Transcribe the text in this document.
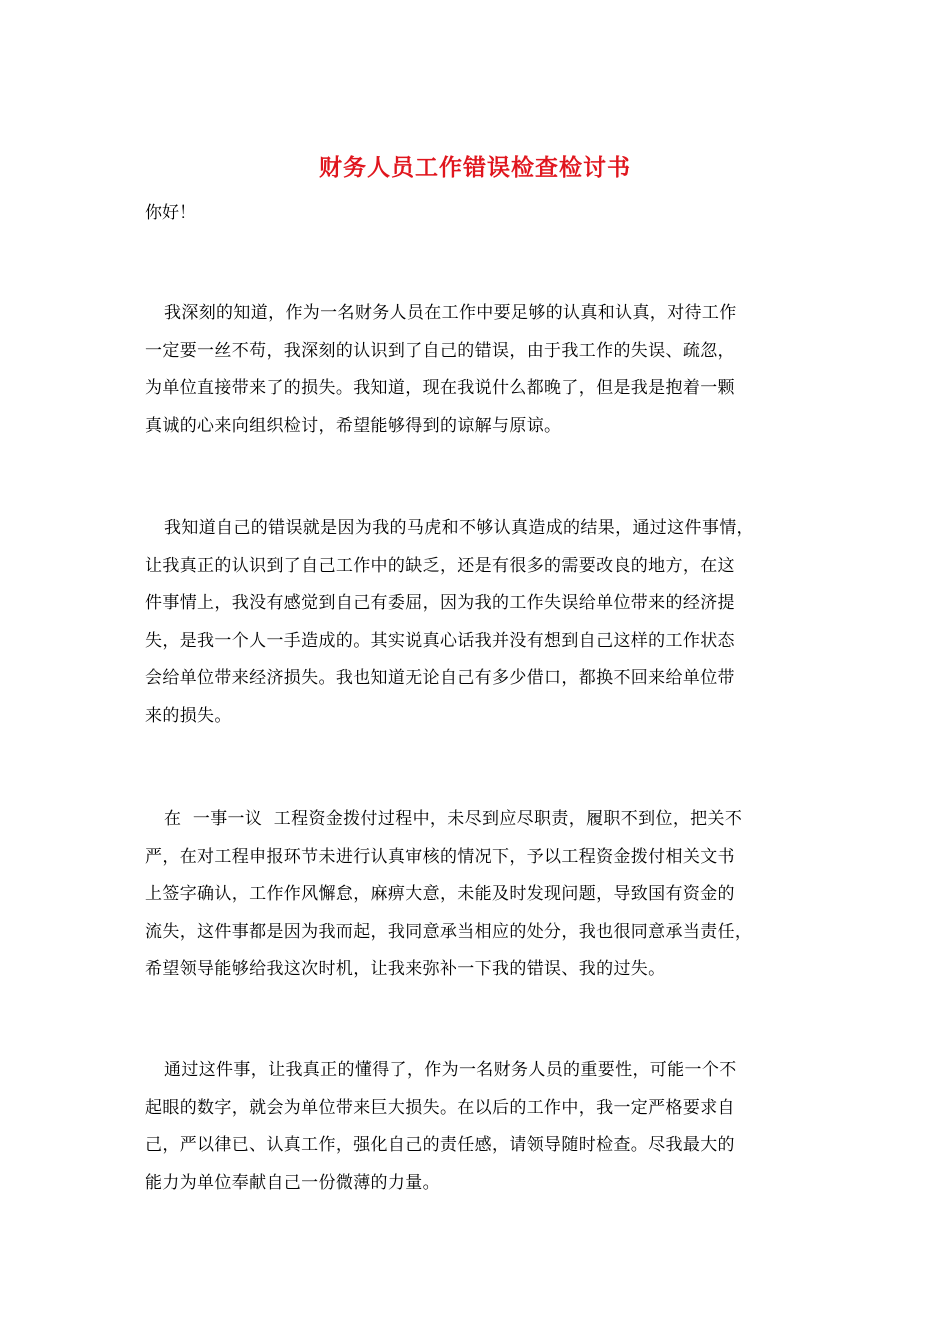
财务人员工作错误检查检讨书
你好！
我深刻的知道，作为一名财务人员在工作中要足够的认真和认真，对待工作
一定要一丝不苟，我深刻的认识到了自己的错误，由于我工作的失误、疏忽，
为单位直接带来了的损失。我知道，现在我说什么都晚了，但是我是抱着一颗
真诚的心来向组织检讨，希望能够得到的谅解与原谅。
我知道自己的错误就是因为我的马虎和不够认真造成的结果，通过这件事情，
让我真正的认识到了自己工作中的缺乏，还是有很多的需要改良的地方，在这
件事情上，我没有感觉到自己有委屈，因为我的工作失误给单位带来的经济提
失，是我一个人一手造成的。其实说真心话我并没有想到自己这样的工作状态
会给单位带来经济损失。我也知道无论自己有多少借口，都换不回来给单位带
来的损失。
在  一事一议  工程资金拨付过程中，未尽到应尽职责，履职不到位，把关不
严，在对工程申报环节未进行认真审核的情况下，予以工程资金拨付相关文书
上签字确认，工作作风懈怠，麻痹大意，未能及时发现问题，导致国有资金的
流失，这件事都是因为我而起，我同意承当相应的处分，我也很同意承当责任，
希望领导能够给我这次时机，让我来弥补一下我的错误、我的过失。
通过这件事，让我真正的懂得了，作为一名财务人员的重要性，可能一个不
起眼的数字，就会为单位带来巨大损失。在以后的工作中，我一定严格要求自
己，严以律已、认真工作，强化自己的责任感，请领导随时检查。尽我最大的
能力为单位奉献自己一份微薄的力量。
